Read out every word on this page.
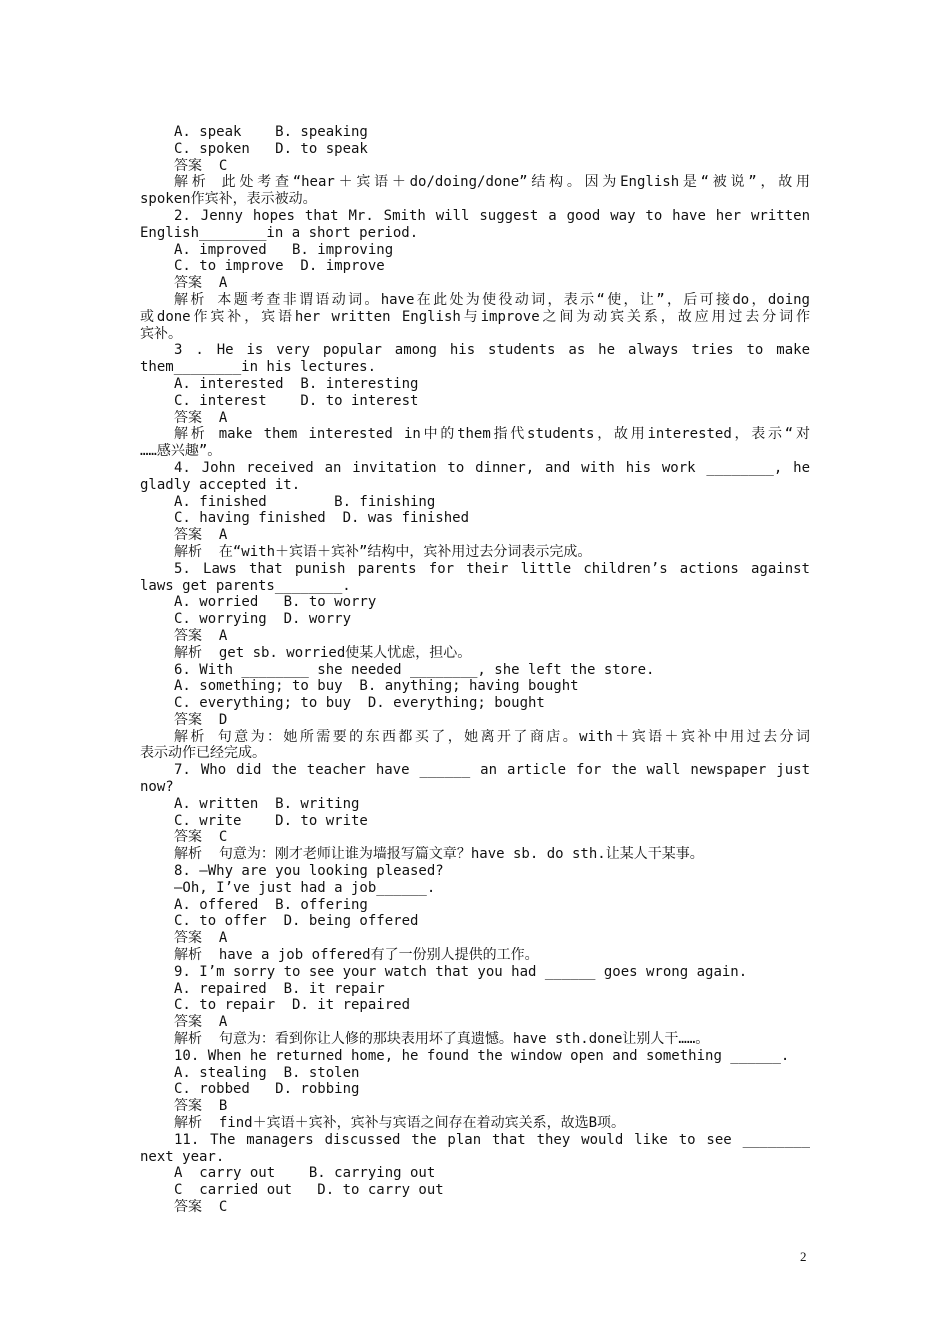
A. speak    B. speaking
C. spoken   D. to speak
答案  C
解析 此处考查“hear＋宾语＋do/doing/done”结构。因为English是“被说”，故用
spoken作宾补，表示被动。
2. Jenny hopes that Mr. Smith will suggest a good way to have her written
English________in a short period.
A. improved   B. improving
C. to improve  D. improve
答案  A
解析 本题考查非谓语动词。have在此处为使役动词，表示“使，让”，后可接do，doing
或done作宾补，宾语her written English与improve之间为动宾关系，故应用过去分词作
宾补。
3 . He is very popular among his students as he always tries to make
them________in his lectures.
A. interested  B. interesting
C. interest    D. to interest
答案  A
解析 make them interested in中的them指代students，故用interested，表示“对
……感兴趣”。
4. John received an invitation to dinner, and with his work ________, he
gladly accepted it.
A. finished        B. finishing
C. having finished  D. was finished
答案  A
解析  在“with＋宾语＋宾补”结构中，宾补用过去分词表示完成。
5. Laws that punish parents for their little children’s actions against
laws get parents________.
A. worried   B. to worry
C. worrying  D. worry
答案  A
解析  get sb. worried使某人忧虑，担心。
6. With ________ she needed ________, she left the store.
A. something; to buy  B. anything; having bought
C. everything; to buy  D. everything; bought
答案  D
解析 句意为：她所需要的东西都买了，她离开了商店。with＋宾语＋宾补中用过去分词
表示动作已经完成。
7. Who did the teacher have ______ an article for the wall newspaper just
now?
A. written  B. writing
C. write    D. to write
答案  C
解析  句意为：刚才老师让谁为墙报写篇文章？have sb. do sth.让某人干某事。
8. —Why are you looking pleased?
—Oh, I’ve just had a job______.
A. offered  B. offering
C. to offer  D. being offered
答案  A
解析  have a job offered有了一份别人提供的工作。
9. I’m sorry to see your watch that you had ______ goes wrong again.
A. repaired  B. it repair
C. to repair  D. it repaired
答案  A
解析  句意为：看到你让人修的那块表用坏了真遗憾。have sth.done让别人干……。
10. When he returned home, he found the window open and something ______.
A. stealing  B. stolen
C. robbed   D. robbing
答案  B
解析  find＋宾语＋宾补，宾补与宾语之间存在着动宾关系，故选B项。
11. The managers discussed the plan that they would like to see ________
next year.
A  carry out    B. carrying out
C  carried out   D. to carry out
答案  C
2
